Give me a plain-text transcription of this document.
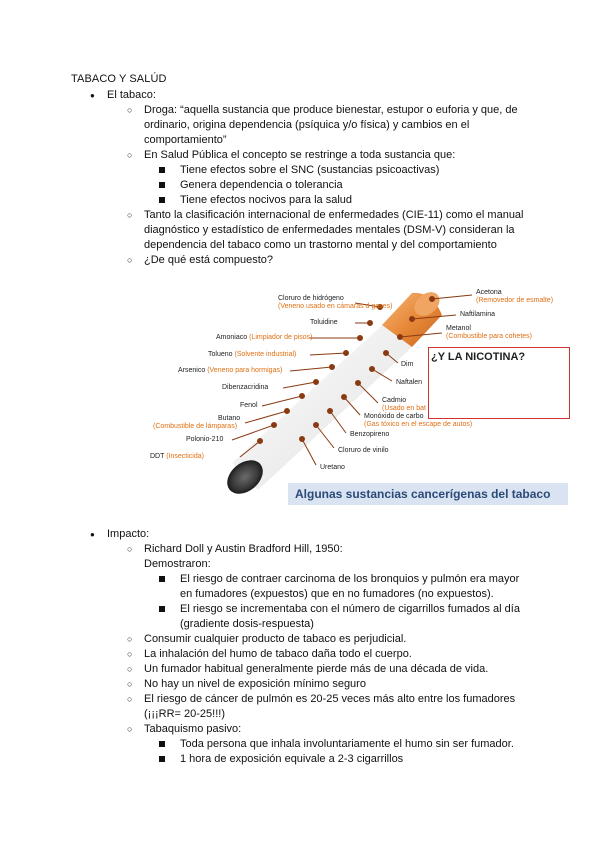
TABACO Y SALÚD
● El tabaco:
○ Droga: “aquella sustancia que produce bienestar, estupor o euforia y que, de ordinario, origina dependencia (psíquica y/o física) y cambios en el comportamiento”
○ En Salud Pública el concepto se restringe a toda sustancia que:
Tiene efectos sobre el SNC (sustancias psicoactivas)
Genera dependencia o tolerancia
Tiene efectos nocivos para la salud
○ Tanto la clasificación internacional de enfermedades (CIE-11) como el manual diagnóstico y estadístico de enfermedades mentales (DSM-V) consideran la dependencia del tabaco como un trastorno mental y del comportamiento
○ ¿De qué está compuesto?
Cloruro de hidrógeno
(Veneno usado en cámaras d gases)
Toluidine
Amoniaco (Limpiador de pisos)
Tolueno (Solvente industrial)
Arsenico (Veneno para hormigas)
Dibenzacridina
Fenol
Butano
(Combustible de lámparas)
Polonio-210
DDT (Insecticida)
Acetona
(Removedor de esmalte)
Naftilamina
Metanol
(Combustible para cohetes)
Dim
Naftalen
Cadmio
(Usado en bat
Monóxido de carbo
(Gas tóxico en el escape de autos)
Benzopireno
Cloruro de vinilo
Uretano
¿Y LA NICOTINA?
Algunas sustancias cancerígenas del tabaco
● Impacto:
○ Richard Doll y Austin Bradford Hill, 1950:
Demostraron:
El riesgo de contraer carcinoma de los bronquios y pulmón era mayor en fumadores (expuestos) que en no fumadores (no expuestos).
El riesgo se incrementaba con el número de cigarrillos fumados al día (gradiente dosis-respuesta)
○ Consumir cualquier producto de tabaco es perjudicial.
○ La inhalación del humo de tabaco daña todo el cuerpo.
○ Un fumador habitual generalmente pierde más de una década de vida.
○ No hay un nivel de exposición mínimo seguro
○ El riesgo de cáncer de pulmón es 20-25 veces más alto entre los fumadores (¡¡¡RR= 20-25!!!)
○ Tabaquismo pasivo:
Toda persona que inhala involuntariamente el humo sin ser fumador.
1 hora de exposición equivale a 2-3 cigarrillos
